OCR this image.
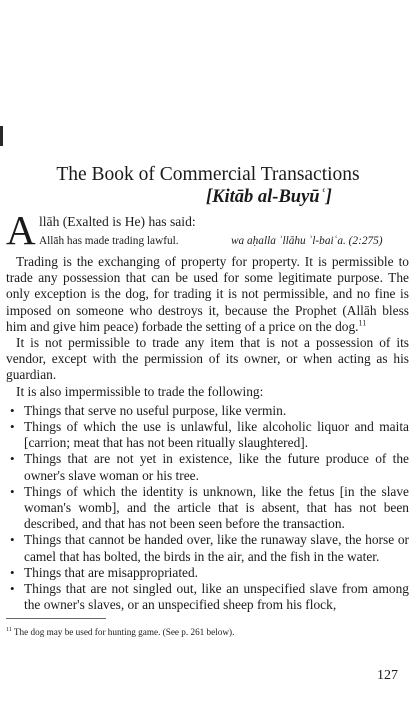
The Book of Commercial Transactions
[Kitāb al-Buyūʿ]
A llāh (Exalted is He) has said:
Allāh has made trading lawful.	wa aḥalla ʾllāhu ʾl-baiʿa. (2:275)

Trading is the exchanging of property for property. It is permissible to trade any possession that can be used for some legitimate purpose. The only exception is the dog, for trading it is not permissible, and no fine is imposed on someone who destroys it, because the Prophet (Allāh bless him and give him peace) forbade the setting of a price on the dog.$^{11}$

It is not permissible to trade any item that is not a possession of its vendor, except with the permission of its owner, or when acting as his guardian.

It is also impermissible to trade the following:

• Things that serve no useful purpose, like vermin.
• Things of which the use is unlawful, like alcoholic liquor and maita [carrion; meat that has not been ritually slaughtered].
• Things that are not yet in existence, like the future produce of the owner's slave woman or his tree.
• Things of which the identity is unknown, like the fetus [in the slave woman's womb], and the article that is absent, that has not been described, and that has not been seen before the transaction.
• Things that cannot be handed over, like the runaway slave, the horse or camel that has bolted, the birds in the air, and the fish in the water.
• Things that are misappropriated.
• Things that are not singled out, like an unspecified slave from among the owner's slaves, or an unspecified sheep from his flock,
$^{11}$ The dog may be used for hunting game. (See p. 261 below).
127
